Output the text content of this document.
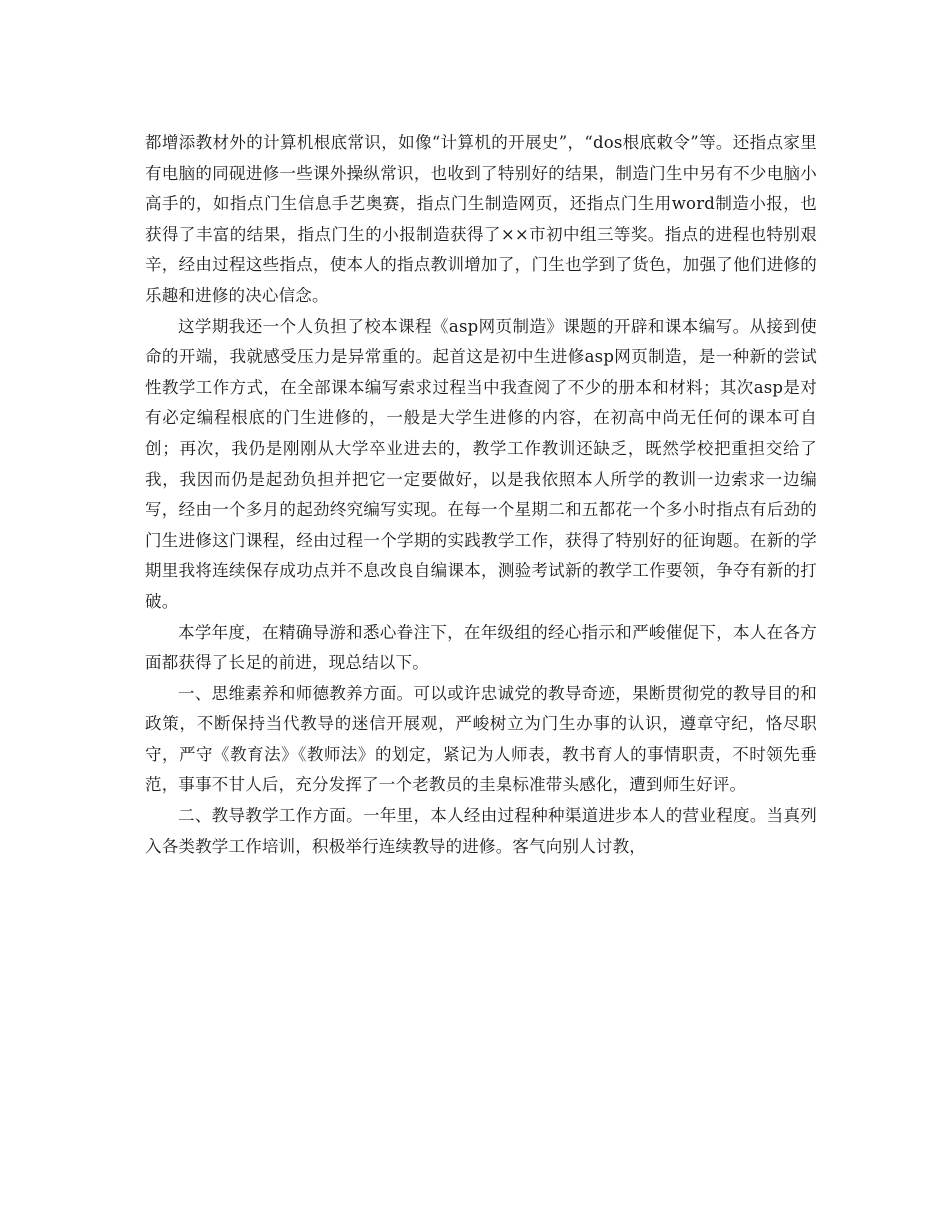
都增添教材外的计算机根底常识，如像“计算机的开展史”，“dos根底敕令”等。还指点家里有电脑的同砚进修一些课外操纵常识，也收到了特别好的结果，制造门生中另有不少电脑小高手的，如指点门生信息手艺奥赛，指点门生制造网页，还指点门生用word制造小报，也获得了丰富的结果，指点门生的小报制造获得了××市初中组三等奖。指点的进程也特别艰辛，经由过程这些指点，使本人的指点教训增加了，门生也学到了货色，加强了他们进修的乐趣和进修的决心信念。

这学期我还一个人负担了校本课程《asp网页制造》课题的开辟和课本编写。从接到使命的开端，我就感受压力是异常重的。起首这是初中生进修asp网页制造，是一种新的尝试性教学工作方式，在全部课本编写索求过程当中我查阅了不少的册本和材料；其次asp是对有必定编程根底的门生进修的，一般是大学生进修的内容，在初高中尚无任何的课本可自创；再次，我仍是刚刚从大学卒业进去的，教学工作教训还缺乏，既然学校把重担交给了我，我因而仍是起劲负担并把它一定要做好，以是我依照本人所学的教训一边索求一边编写，经由一个多月的起劲终究编写实现。在每一个星期二和五都花一个多小时指点有后劲的门生进修这门课程，经由过程一个学期的实践教学工作，获得了特别好的征询题。在新的学期里我将连续保存成功点并不息改良自编课本，测验考试新的教学工作要领，争夺有新的打破。

本学年度，在精确导游和悉心眷注下，在年级组的经心指示和严峻催促下，本人在各方面都获得了长足的前进，现总结以下。

一、思维素养和师德教养方面。可以或许忠诚党的教导奇迹，果断贯彻党的教导目的和政策，不断保持当代教导的迷信开展观，严峻树立为门生办事的认识，遵章守纪，恪尽职守，严守《教育法》《教师法》的划定，紧记为人师表，教书育人的事情职责，不时领先垂范，事事不甘人后，充分发挥了一个老教员的圭臬标准带头感化，遭到师生好评。

二、教导教学工作方面。一年里，本人经由过程种种渠道进步本人的营业程度。当真列入各类教学工作培训，积极举行连续教导的进修。客气向别人讨教，
